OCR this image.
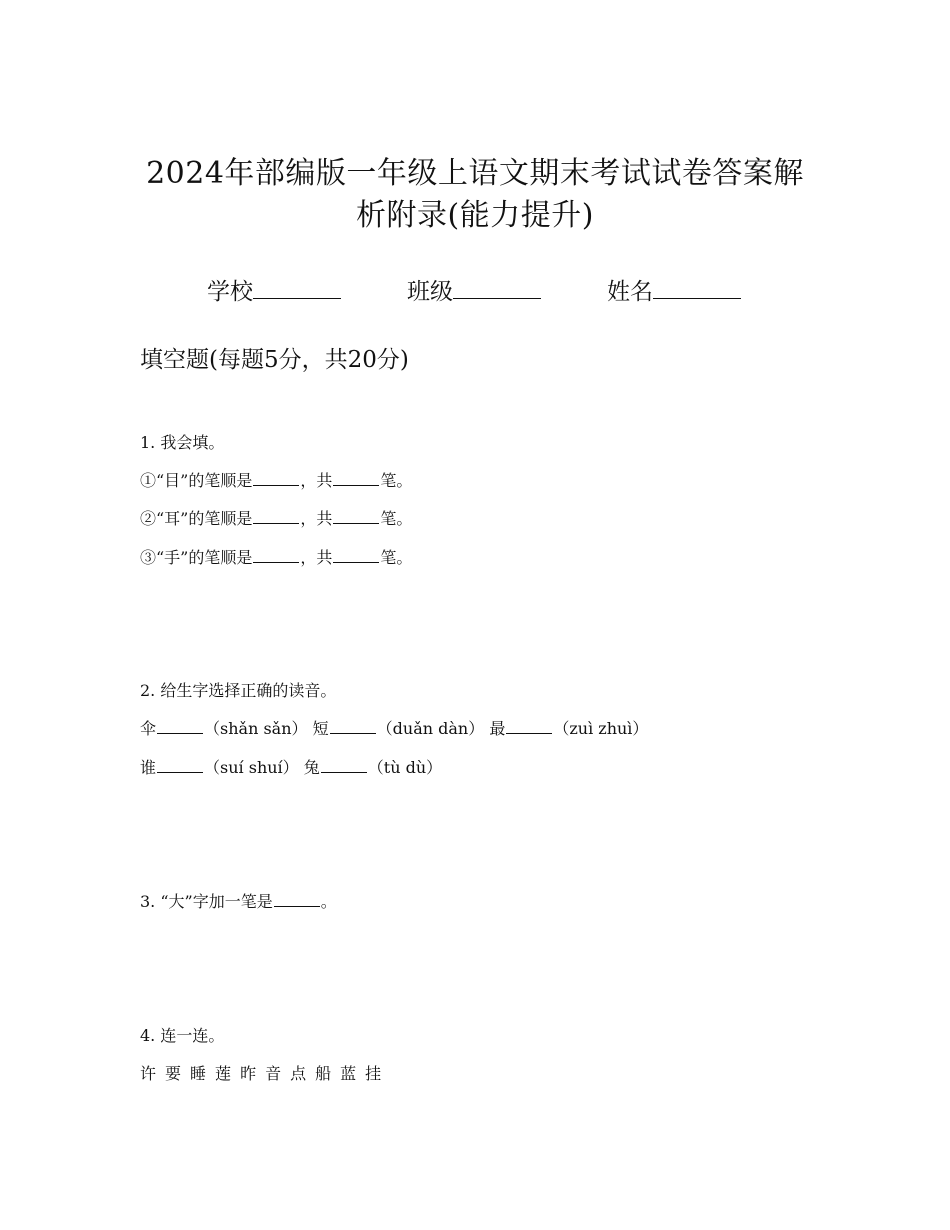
2024年部编版一年级上语文期末考试试卷答案解
析附录(能力提升)
学校	班级	姓名
填空题(每题5分，共20分)
1. 我会填。
①“目”的笔顺是	，共	笔。
②“耳”的笔顺是	，共	笔。
③“手”的笔顺是	，共	笔。
2. 给生字选择正确的读音。
伞	（shǎn sǎn） 短	（duǎn dàn） 最	（zuì zhuì）
谁	（suí shuí） 兔	（tù dù）
3. “大”字加一笔是	。
4. 连一连。
许 要 睡 莲 昨 音 点 船 蓝 挂
